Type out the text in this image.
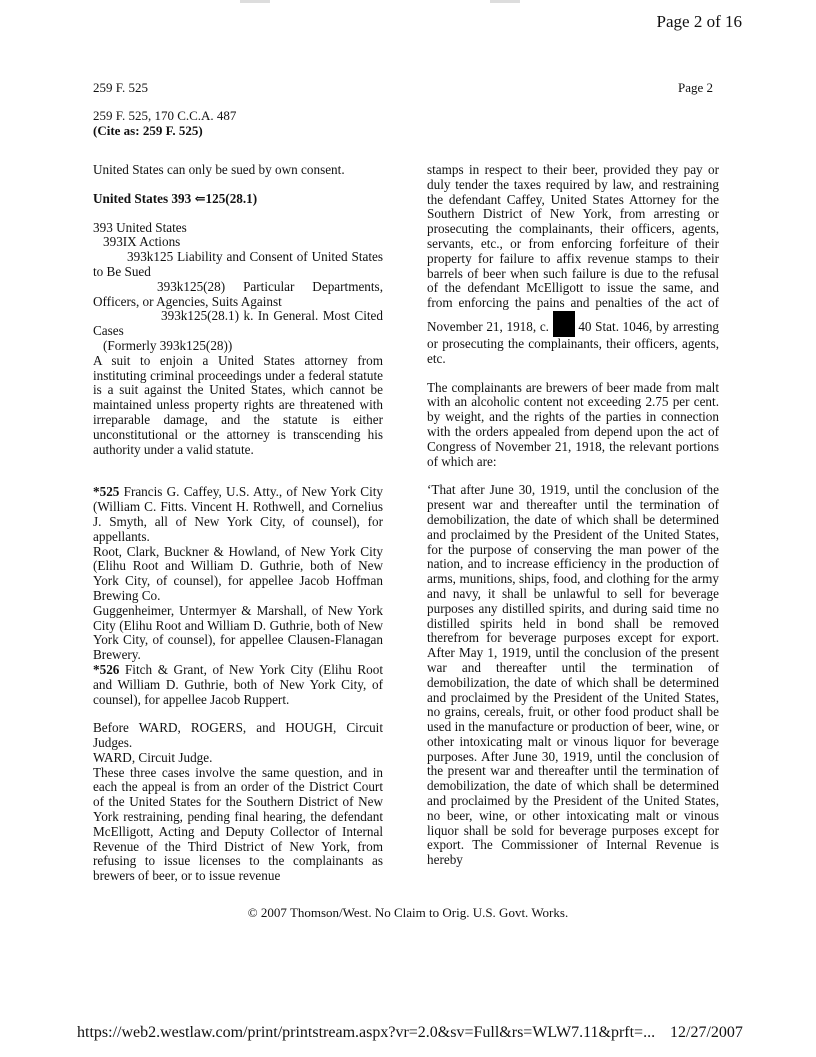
Page 2 of 16
259 F. 525	Page 2
259 F. 525, 170 C.C.A. 487
(Cite as: 259 F. 525)

United States can only be sued by own consent.

United States 393 ⇐125(28.1)

393 United States

393IX Actions

393k125 Liability and Consent of United States to Be Sued

393k125(28) Particular Departments, Officers, or Agencies, Suits Against

393k125(28.1) k. In General. Most Cited Cases

(Formerly 393k125(28))

A suit to enjoin a United States attorney from instituting criminal proceedings under a federal statute is a suit against the United States, which cannot be maintained unless property rights are threatened with irreparable damage, and the statute is either unconstitutional or the attorney is transcending his authority under a valid statute.

*525 Francis G. Caffey, U.S. Atty., of New York City (William C. Fitts. Vincent H. Rothwell, and Cornelius J. Smyth, all of New York City, of counsel), for appellants.

Root, Clark, Buckner & Howland, of New York City (Elihu Root and William D. Guthrie, both of New York City, of counsel), for appellee Jacob Hoffman Brewing Co.

Guggenheimer, Untermyer & Marshall, of New York City (Elihu Root and William D. Guthrie, both of New York City, of counsel), for appellee Clausen-Flanagan Brewery.

*526 Fitch & Grant, of New York City (Elihu Root and William D. Guthrie, both of New York City, of counsel), for appellee Jacob Ruppert.

Before WARD, ROGERS, and HOUGH, Circuit Judges.

WARD, Circuit Judge.

These three cases involve the same question, and in each the appeal is from an order of the District Court of the United States for the Southern District of New York restraining, pending final hearing, the defendant McElligott, Acting and Deputy Collector of Internal Revenue of the Third District of New York, from refusing to issue licenses to the complainants as brewers of beer, or to issue revenue

stamps in respect to their beer, provided they pay or duly tender the taxes required by law, and restraining the defendant Caffey, United States Attorney for the Southern District of New York, from arresting or prosecuting the complainants, their officers, agents, servants, etc., or from enforcing forfeiture of their property for failure to affix revenue stamps to their barrels of beer when such failure is due to the refusal of the defendant McElligott to issue the same, and from enforcing the pains and penalties of the act of November 21, 1918, c.  40 Stat. 1046, by arresting or prosecuting the complainants, their officers, agents, etc.

The complainants are brewers of beer made from malt with an alcoholic content not exceeding 2.75 per cent. by weight, and the rights of the parties in connection with the orders appealed from depend upon the act of Congress of November 21, 1918, the relevant portions of which are:

‘That after June 30, 1919, until the conclusion of the present war and thereafter until the termination of demobilization, the date of which shall be determined and proclaimed by the President of the United States, for the purpose of conserving the man power of the nation, and to increase efficiency in the production of arms, munitions, ships, food, and clothing for the army and navy, it shall be unlawful to sell for beverage purposes any distilled spirits, and during said time no distilled spirits held in bond shall be removed therefrom for beverage purposes except for export. After May 1, 1919, until the conclusion of the present war and thereafter until the termination of demobilization, the date of which shall be determined and proclaimed by the President of the United States, no grains, cereals, fruit, or other food product shall be used in the manufacture or production of beer, wine, or other intoxicating malt or vinous liquor for beverage purposes. After June 30, 1919, until the conclusion of the present war and thereafter until the termination of demobilization, the date of which shall be determined and proclaimed by the President of the United States, no beer, wine, or other intoxicating malt or vinous liquor shall be sold for beverage purposes except for export. The Commissioner of Internal Revenue is hereby

© 2007 Thomson/West. No Claim to Orig. U.S. Govt. Works.
https://web2.westlaw.com/print/printstream.aspx?vr=2.0&sv=Full&rs=WLW7.11&prft=... 12/27/2007
